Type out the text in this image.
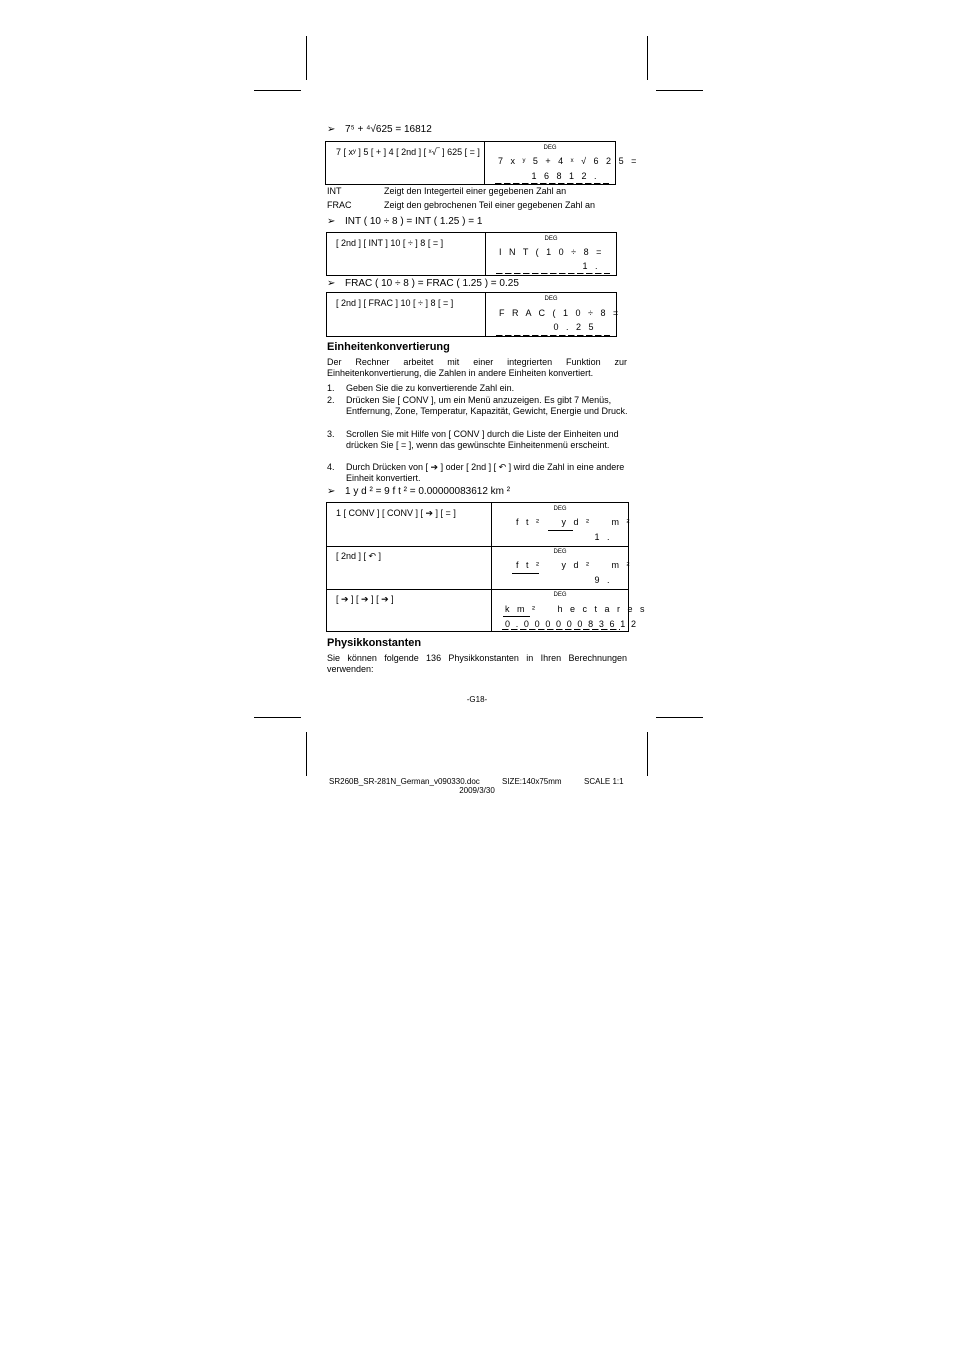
➢ 7⁵ + ⁴√625 = 16812
7 [ xʸ ] 5 [ + ] 4 [ 2nd ] [ ˣ√‾ ] 625 [ = ]	DEG
7 x ʸ 5 + 4 ˣ √ 6 2 5 =
1 6 8 1 2 .
INT	Zeigt den Integerteil einer gegebenen Zahl an
FRAC	Zeigt den gebrochenen Teil einer gegebenen Zahl an
➢ INT ( 10 ÷ 8 ) = INT ( 1.25 ) = 1
[ 2nd ] [ INT ] 10 [ ÷ ] 8 [ = ]	DEG
I N T ( 1 0 ÷ 8 =
1 .
➢ FRAC ( 10 ÷ 8 ) = FRAC ( 1.25 ) = 0.25
[ 2nd ] [ FRAC ] 10 [ ÷ ] 8 [ = ]	DEG
F R A C ( 1 0 ÷ 8 =
0 . 2 5
Einheitenkonvertierung
Der Rechner arbeitet mit einer integrierten Funktion zur Einheitenkonvertierung, die Zahlen in andere Einheiten konvertiert.
1. Geben Sie die zu konvertierende Zahl ein.
2. Drücken Sie [ CONV ], um ein Menü anzuzeigen. Es gibt 7 Menüs, Entfernung, Zone, Temperatur, Kapazität, Gewicht, Energie und Druck.
3. Scrollen Sie mit Hilfe von [ CONV ] durch die Liste der Einheiten und drücken Sie [ = ], wenn das gewünschte Einheitenmenü erscheint.
4. Durch Drücken von [ ➔ ] oder [ 2nd ] [ ↶ ] wird die Zahl in eine andere Einheit konvertiert.
➢ 1 y d ² = 9 f t ² = 0.00000083612 km ²
1 [ CONV ] [ CONV ] [ ➔ ] [ = ]	DEG
f t ²    y d ²    m ²
1 .
[ 2nd ] [ ↶ ]	DEG
f t ²    y d ²    m ²
9 .
[ ➔ ] [ ➔ ] [ ➔ ]	DEG
k m ²    h e c t a r e s
0 . 0 0 0 0 0 0 8 3 6 1 2
Physikkonstanten
Sie können folgende 136 Physikkonstanten in Ihren Berechnungen verwenden:
-G18-
SR260B_SR-281N_German_v090330.doc	SIZE:140x75mm	SCALE 1:1
2009/3/30
